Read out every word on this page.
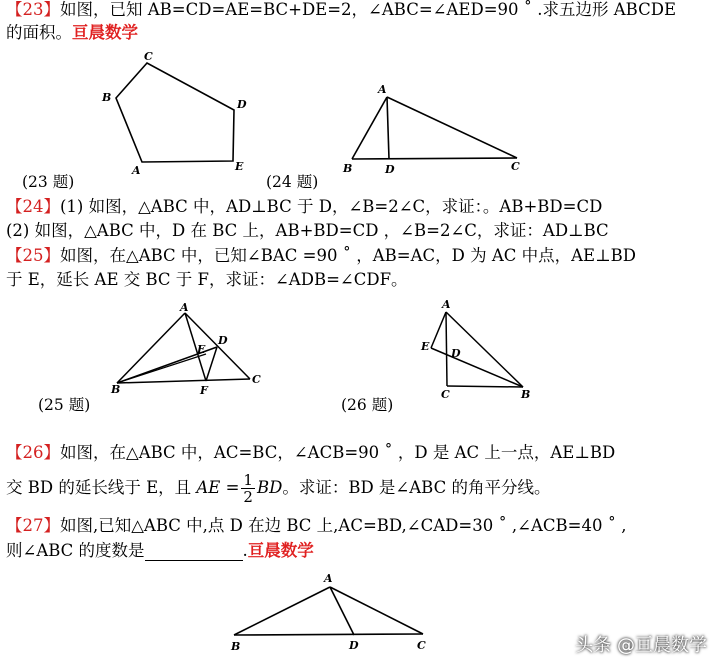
【23】如图，已知 AB=CD=AE=BC+DE=2，∠ABC=∠AED=90 ˚ .求五边形 ABCDE
的面积。亘晨数学
C
B
D
A	E
(23 题)
A
B	D	C
(24 题)
【24】(1) 如图，△ABC 中，AD⊥BC 于 D，∠B=2∠C，求证：。AB+BD=CD
(2) 如图，△ABC 中，D 在 BC 上，AB+BD=CD ，∠B=2∠C，求证：AD⊥BC
【25】如图，在△ABC 中，已知∠BAC =90 ˚ ，AB=AC，D 为 AC 中点，AE⊥BD
于 E，延长 AE 交 BC 于 F，求证：∠ADB=∠CDF。
A
B
C
D
E
F
(25 题)
A
E
D
C	B
(26 题)
【26】如图，在△ABC 中，AC=BC，∠ACB=90 ˚ ，D 是 AC 上一点，AE⊥BD
交 BD 的延长线于 E，且 AE = $\frac{1}{2}$ BD。求证：BD 是∠ABC 的角平分线。
【27】如图,已知△ABC 中,点 D 在边 BC 上,AC=BD,∠CAD=30 ˚ ,∠ACB=40 ˚ ,
则∠ABC 的度数是	.亘晨数学
A
B	D	C	头条 @亘晨数学
